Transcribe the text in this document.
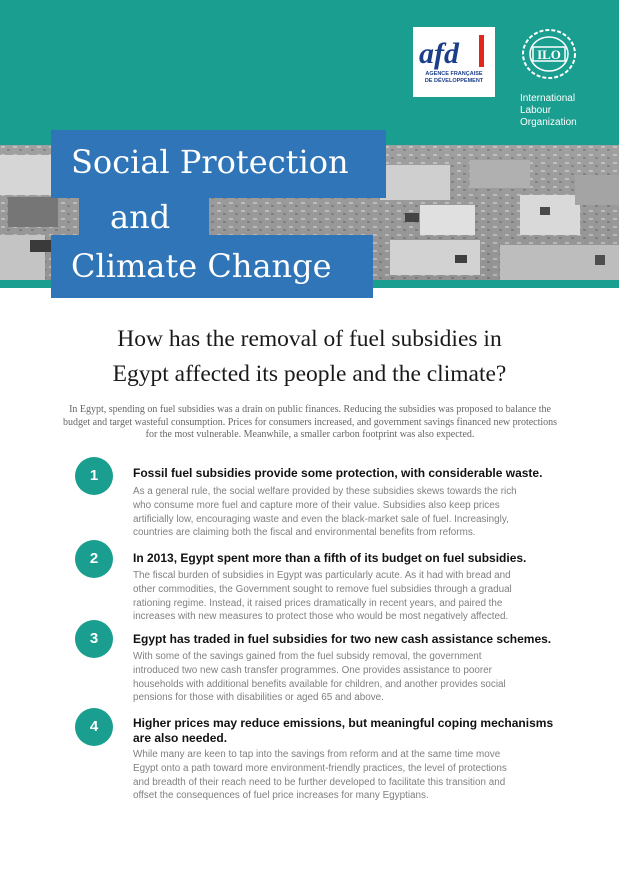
afd
AGENCE FRANÇAISE
DE DÉVELOPPEMENT
ILO
International
Labour
Organization
Social Protection
and
Climate Change
How has the removal of fuel subsidies in
Egypt affected its people and the climate?
In Egypt, spending on fuel subsidies was a drain on public finances. Reducing the subsidies was proposed to balance the budget and target wasteful consumption. Prices for consumers increased, and government savings financed new protections for the most vulnerable. Meanwhile, a smaller carbon footprint was also expected.
1	Fossil fuel subsidies provide some protection, with considerable waste.
As a general rule, the social welfare provided by these subsidies skews towards the rich
who consume more fuel and capture more of their value. Subsidies also keep prices
artificially low, encouraging waste and even the black-market sale of fuel. Increasingly,
countries are claiming both the fiscal and environmental benefits from reforms.
2	In 2013, Egypt spent more than a fifth of its budget on fuel subsidies.
The fiscal burden of subsidies in Egypt was particularly acute. As it had with bread and
other commodities, the Government sought to remove fuel subsidies through a gradual
rationing regime. Instead, it raised prices dramatically in recent years, and paired the
increases with new measures to protect those who would be most negatively affected.
3	Egypt has traded in fuel subsidies for two new cash assistance schemes.
With some of the savings gained from the fuel subsidy removal, the government
introduced two new cash transfer programmes. One provides assistance to poorer
households with additional benefits available for children, and another provides social
pensions for those with disabilities or aged 65 and above.
4	Higher prices may reduce emissions, but meaningful coping mechanisms
are also needed.
While many are keen to tap into the savings from reform and at the same time move
Egypt onto a path toward more environment-friendly practices, the level of protections
and breadth of their reach need to be further developed to facilitate this transition and
offset the consequences of fuel price increases for many Egyptians.
